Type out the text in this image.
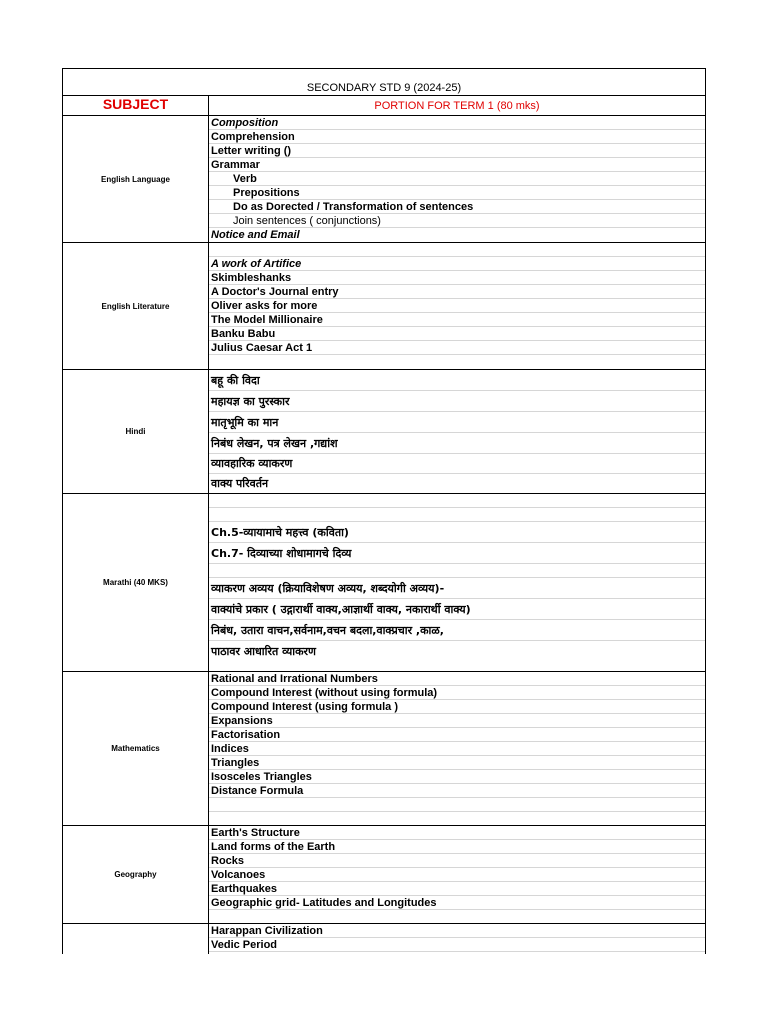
SECONDARY STD 9 (2024-25)
SUBJECT	PORTION FOR TERM 1 (80 mks)
English Language
Composition
Comprehension
Letter writing ()
Grammar
Verb
Prepositions
Do as Dorected / Transformation of sentences
Join sentences ( conjunctions)
Notice and Email
English Literature
A work of Artifice
Skimbleshanks
A Doctor's Journal entry
Oliver asks for more
The Model Millionaire
Banku Babu
Julius Caesar Act 1
Hindi
बहू की विदा
महायज्ञ का पुरस्कार
मातृभूमि का मान
निबंध लेखन, पत्र लेखन ,गद्यांश
व्यावहारिक व्याकरण
वाक्य परिवर्तन
Marathi (40 MKS)
Ch.5-व्यायामाचे महत्त्व (कविता)
Ch.7- दिव्याच्या शोधामागचे दिव्य
व्याकरण अव्यय (क्रियाविशेषण अव्यय, शब्दयोगी अव्यय)-
वाक्यांचे प्रकार ( उद्गारार्थी वाक्य,आज्ञार्थी वाक्य, नकारार्थी वाक्य)
निबंध, उतारा वाचन,सर्वनाम,वचन बदला,वाक्प्रचार ,काळ,
पाठावर आधारित व्याकरण
Mathematics
Rational and Irrational Numbers
Compound Interest (without using formula)
Compound Interest (using formula )
Expansions
Factorisation
Indices
Triangles
Isosceles Triangles
Distance Formula
Geography
Earth's Structure
Land forms of the Earth
Rocks
Volcanoes
Earthquakes
Geographic grid- Latitudes and Longitudes
Harappan Civilization
Vedic Period
